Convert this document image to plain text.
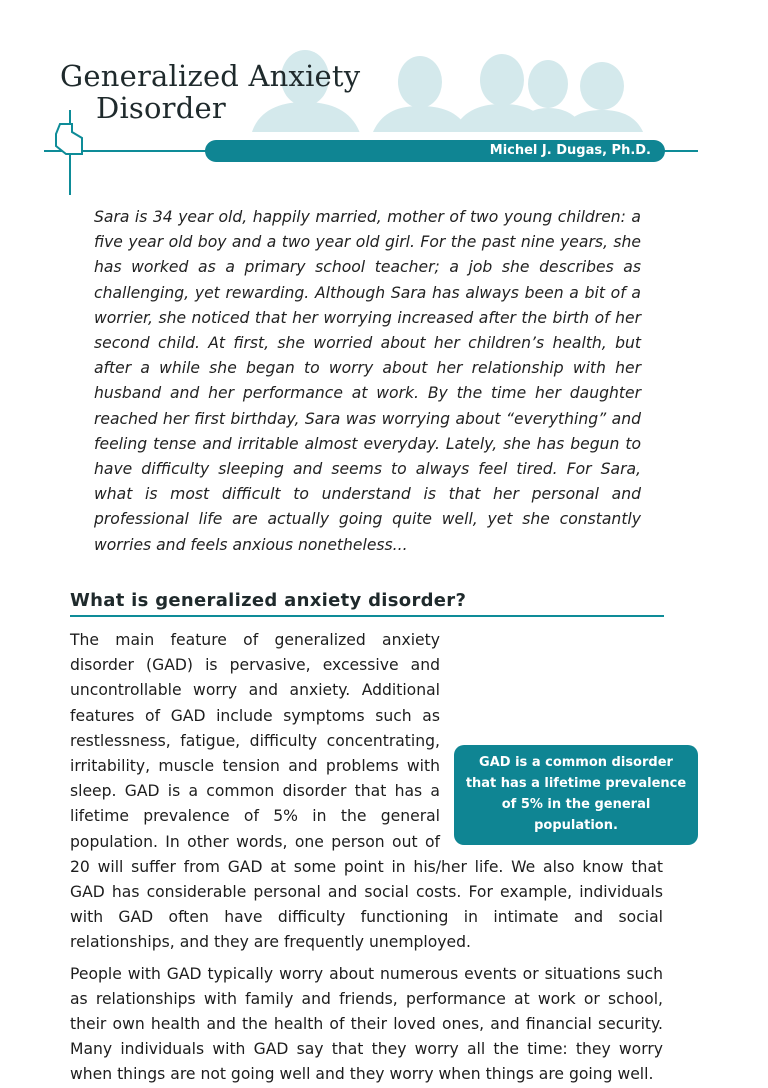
Generalized Anxiety
Disorder
Michel J. Dugas, Ph.D.

Sara is 34 year old, happily married, mother of two young children: a five year old boy and a two year old girl. For the past nine years, she has worked as a primary school teacher; a job she describes as challenging, yet rewarding. Although Sara has always been a bit of a worrier, she noticed that her worrying increased after the birth of her second child. At first, she worried about her children’s health, but after a while she began to worry about her relationship with her husband and her performance at work. By the time her daughter reached her first birthday, Sara was worrying about “everything” and feeling tense and irritable almost everyday. Lately, she has begun to have difficulty sleeping and seems to always feel tired. For Sara, what is most difficult to understand is that her personal and professional life are actually going quite well, yet she constantly worries and feels anxious nonetheless...

What is generalized anxiety disorder?
GAD is a common disorder that has a lifetime prevalence of 5% in the general population.

The main feature of generalized anxiety disorder (GAD) is pervasive, excessive and uncontrollable worry and anxiety. Additional features of GAD include symptoms such as restlessness, fatigue, difficulty concentrating, irritability, muscle tension and problems with sleep. GAD is a common disorder that has a lifetime prevalence of 5% in the general population. In other words, one person out of 20 will suffer from GAD at some point in his/her life. We also know that GAD has considerable personal and social costs. For example, individuals with GAD often have difficulty functioning in intimate and social relationships, and they are frequently unemployed.

People with GAD typically worry about numerous events or situations such as relationships with family and friends, performance at work or school, their own health and the health of their loved ones, and financial security. Many individuals with GAD say that they worry all the time: they worry when things are not going well and they worry when things are going well.
